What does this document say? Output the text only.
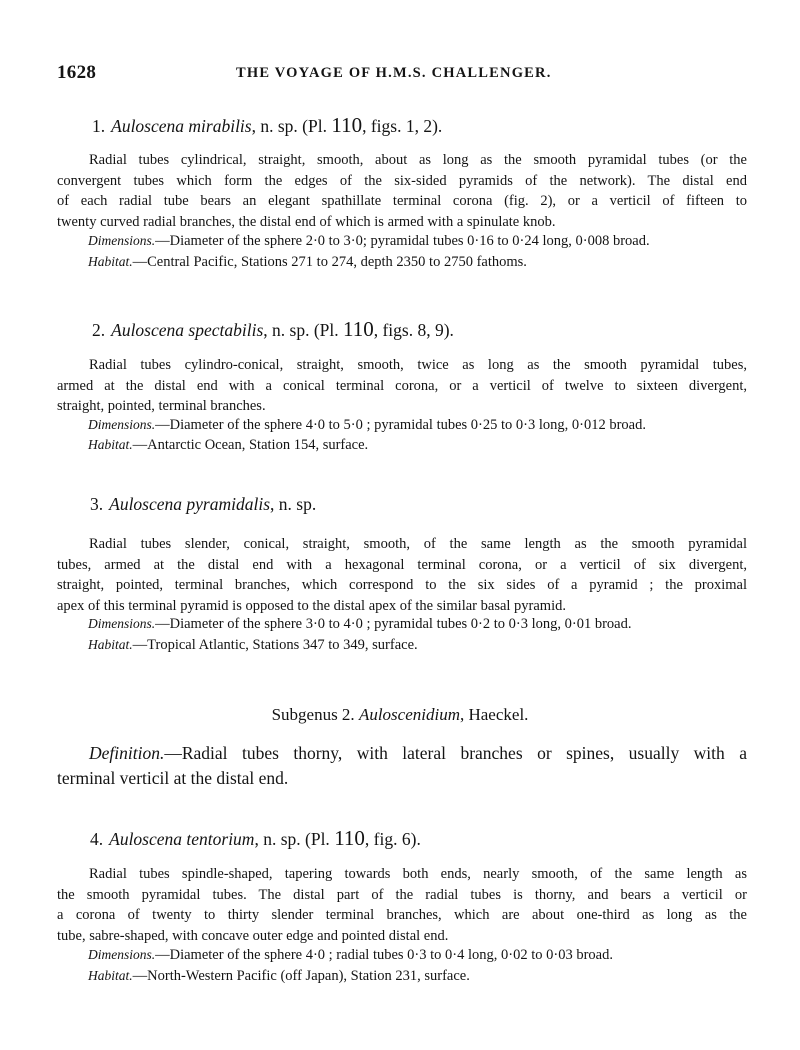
1628	THE VOYAGE OF H.M.S. CHALLENGER.
1. Auloscena mirabilis, n. sp. (Pl. 110, figs. 1, 2).
Radial tubes cylindrical, straight, smooth, about as long as the smooth pyramidal tubes (or the
convergent tubes which form the edges of the six-sided pyramids of the network). The distal end
of each radial tube bears an elegant spathillate terminal corona (fig. 2), or a verticil of fifteen to
twenty curved radial branches, the distal end of which is armed with a spinulate knob.
Dimensions.—Diameter of the sphere 2·0 to 3·0; pyramidal tubes 0·16 to 0·24 long, 0·008 broad.
Habitat.—Central Pacific, Stations 271 to 274, depth 2350 to 2750 fathoms.
2. Auloscena spectabilis, n. sp. (Pl. 110, figs. 8, 9).
Radial tubes cylindro-conical, straight, smooth, twice as long as the smooth pyramidal tubes,
armed at the distal end with a conical terminal corona, or a verticil of twelve to sixteen divergent,
straight, pointed, terminal branches.
Dimensions.—Diameter of the sphere 4·0 to 5·0 ; pyramidal tubes 0·25 to 0·3 long, 0·012 broad.
Habitat.—Antarctic Ocean, Station 154, surface.
3. Auloscena pyramidalis, n. sp.
Radial tubes slender, conical, straight, smooth, of the same length as the smooth pyramidal
tubes, armed at the distal end with a hexagonal terminal corona, or a verticil of six divergent,
straight, pointed, terminal branches, which correspond to the six sides of a pyramid ; the proximal
apex of this terminal pyramid is opposed to the distal apex of the similar basal pyramid.
Dimensions.—Diameter of the sphere 3·0 to 4·0 ; pyramidal tubes 0·2 to 0·3 long, 0·01 broad.
Habitat.—Tropical Atlantic, Stations 347 to 349, surface.
Subgenus 2. Auloscenidium, Haeckel.
Definition.—Radial tubes thorny, with lateral branches or spines, usually with a
terminal verticil at the distal end.
4. Auloscena tentorium, n. sp. (Pl. 110, fig. 6).
Radial tubes spindle-shaped, tapering towards both ends, nearly smooth, of the same length as
the smooth pyramidal tubes. The distal part of the radial tubes is thorny, and bears a verticil or
a corona of twenty to thirty slender terminal branches, which are about one-third as long as the
tube, sabre-shaped, with concave outer edge and pointed distal end.
Dimensions.—Diameter of the sphere 4·0 ; radial tubes 0·3 to 0·4 long, 0·02 to 0·03 broad.
Habitat.—North-Western Pacific (off Japan), Station 231, surface.
